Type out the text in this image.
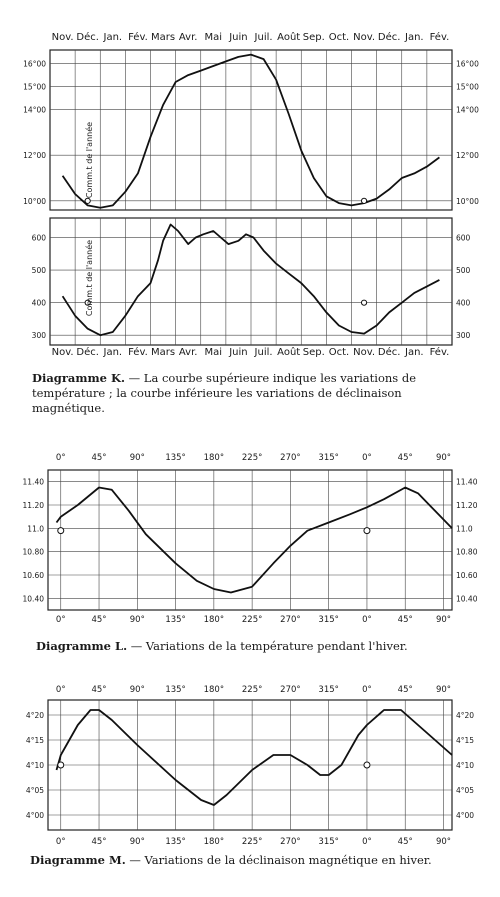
Nov. Déc. Jan. Fév. Mars Avr. Mai Juin Juil. Août Sep. Oct. Nov. Déc. Jan. Fév.
Nov. Déc. Jan. Fév. Mars Avr. Mai Juin Juil. Août Sep. Oct. Nov. Déc. Jan. Fév.
16°00	16°00
15°00	15°00
14°00	14°00
12°00	12°00
10°00	10°00
600	600
500	500
400	400
300	300
Comm.t de l'année
Comm.t de l'année
Diagramme K. — La courbe supérieure indique les variations de température ; la courbe inférieure les variations de déclinaison magnétique.
0°
0°
45°
45°
90°
90°
135°
135°
180°
180°
225°
225°
270°
270°
315°
315°
0°
0°
45°
45°
90°
90°
11.40	11.40
11.20	11.20
11.0	11.0
10.80	10.80
10.60	10.60
10.40	10.40
Diagramme L. — Variations de la température pendant l'hiver.
0°
0°
45°
45°
90°
90°
135°
135°
180°
180°
225°
225°
270°
270°
315°
315°
0°
0°
45°
45°
90°
90°
4°20	4°20
4°15	4°15
4°10	4°10
4°05	4°05
4°00	4°00
Diagramme M. — Variations de la déclinaison magnétique en hiver.
